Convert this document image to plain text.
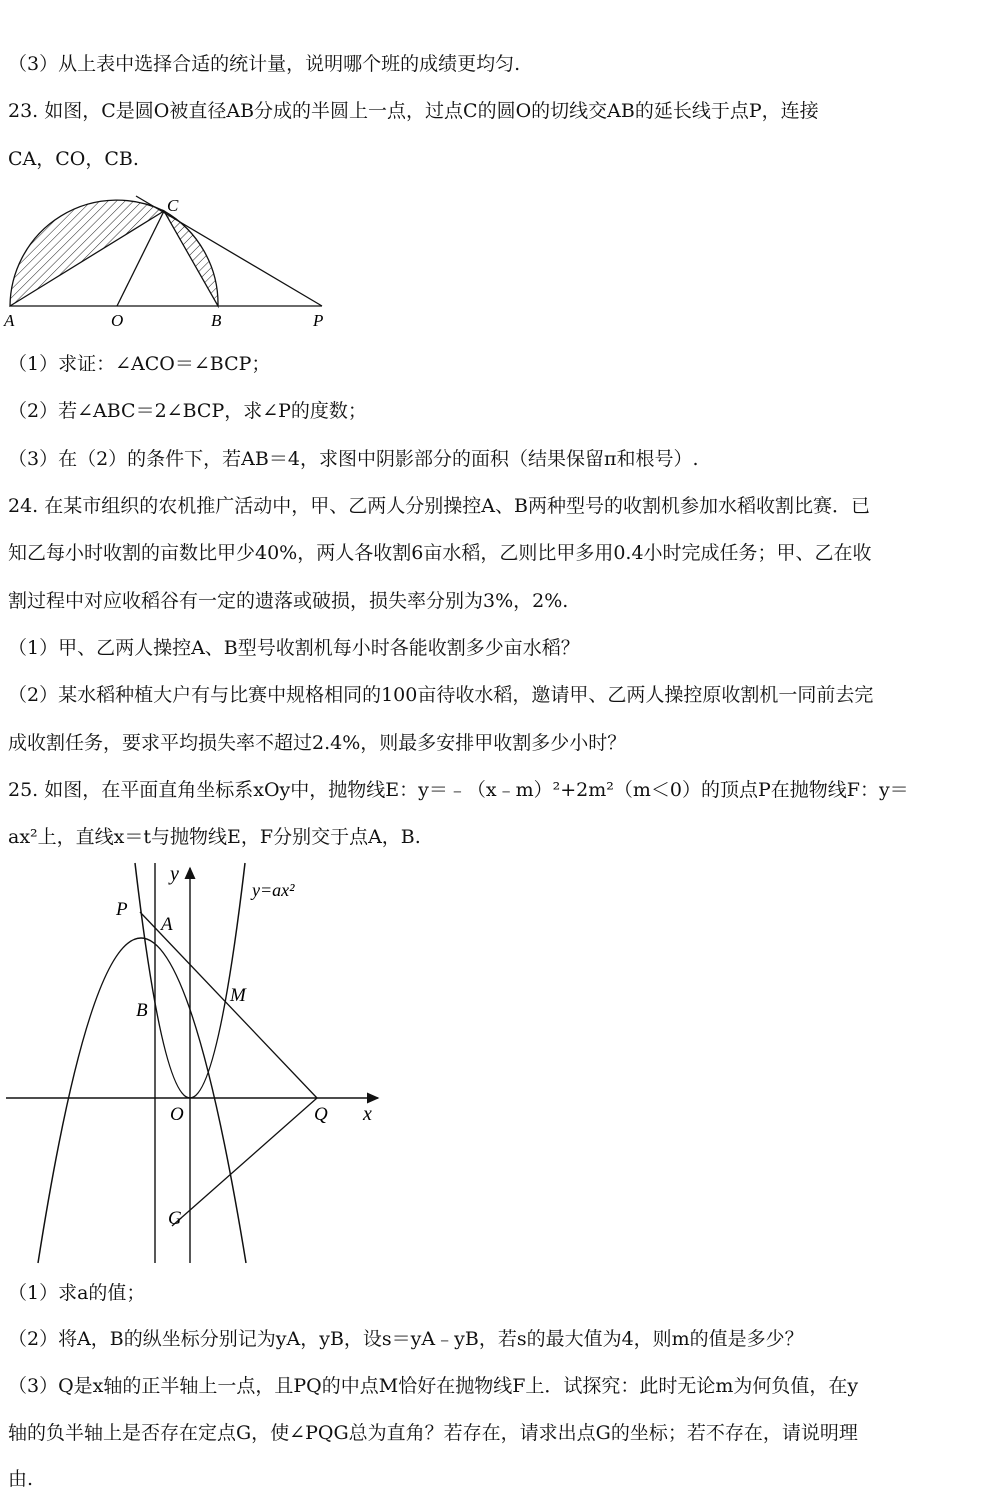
（3）从上表中选择合适的统计量，说明哪个班的成绩更均匀.
23. 如图，C是圆O被直径AB分成的半圆上一点，过点C的圆O的切线交AB的延长线于点P，连接
CA，CO，CB.
A	O	B	P
C
（1）求证：∠ACO＝∠BCP；
（2）若∠ABC＝2∠BCP，求∠P的度数；
（3）在（2）的条件下，若AB＝4，求图中阴影部分的面积（结果保留π和根号）.
24. 在某市组织的农机推广活动中，甲、乙两人分别操控A、B两种型号的收割机参加水稻收割比赛．已
知乙每小时收割的亩数比甲少40%，两人各收割6亩水稻，乙则比甲多用0.4小时完成任务；甲、乙在收
割过程中对应收稻谷有一定的遗落或破损，损失率分别为3%，2%.
（1）甲、乙两人操控A、B型号收割机每小时各能收割多少亩水稻？
（2）某水稻种植大户有与比赛中规格相同的100亩待收水稻，邀请甲、乙两人操控原收割机一同前去完
成收割任务，要求平均损失率不超过2.4%，则最多安排甲收割多少小时？
25. 如图，在平面直角坐标系xOy中，抛物线E：y＝﹣（x﹣m）²+2m²（m＜0）的顶点P在抛物线F：y＝
ax²上，直线x＝t与抛物线E，F分别交于点A，B.
y
x
O
P
A
B
M
Q
G
y=ax²
（1）求a的值；
（2）将A，B的纵坐标分别记为yA，yB，设s＝yA﹣yB，若s的最大值为4，则m的值是多少？
（3）Q是x轴的正半轴上一点，且PQ的中点M恰好在抛物线F上．试探究：此时无论m为何负值，在y
轴的负半轴上是否存在定点G，使∠PQG总为直角？若存在，请求出点G的坐标；若不存在，请说明理
由.
